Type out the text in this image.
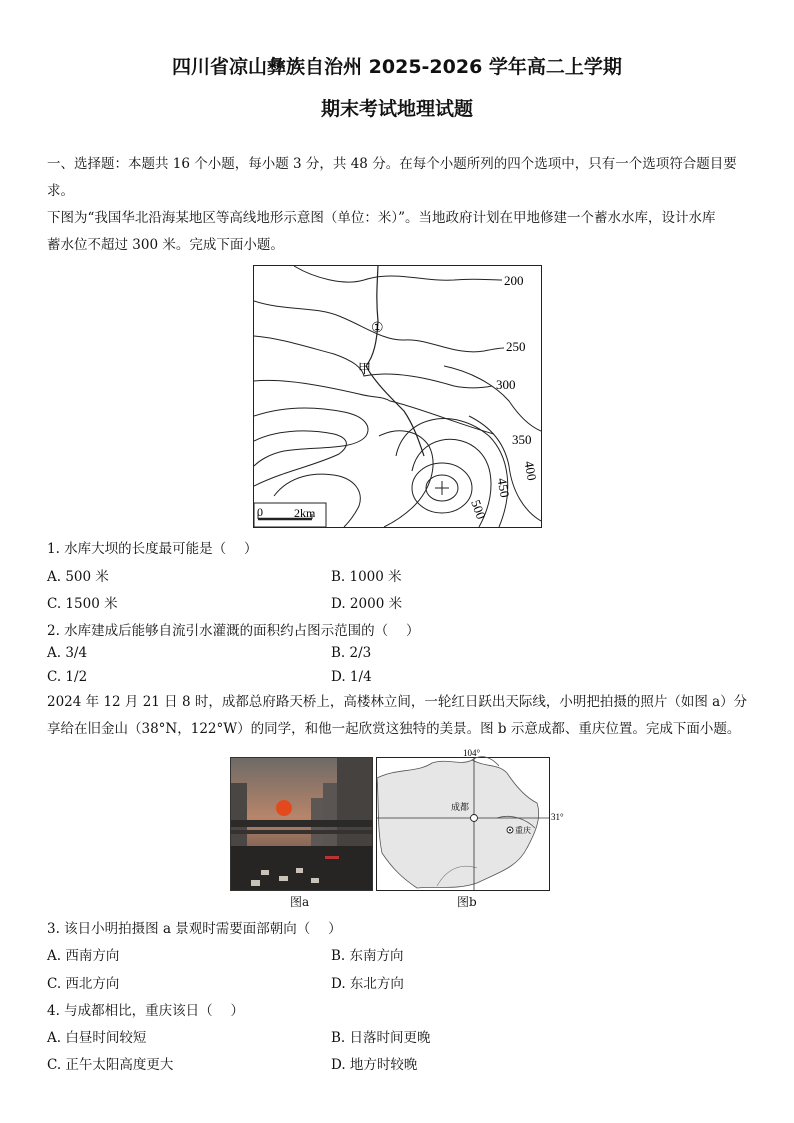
四川省凉山彝族自治州 2025-2026 学年高二上学期
期末考试地理试题
一、选择题：本题共 16 个小题，每小题 3 分，共 48 分。在每个小题所列的四个选项中，只有一个选项符合题目要
求。
下图为“我国华北沿海某地区等高线地形示意图（单位：米）”。当地政府计划在甲地修建一个蓄水水库，设计水库
蓄水位不超过 300 米。完成下面小题。
200
250
300
350
400
450
500
①
甲
0	2km
1. 水库大坝的长度最可能是（　 ）
A. 500 米	B. 1000 米
C. 1500 米	D. 2000 米
2. 水库建成后能够自流引水灌溉的面积约占图示范围的（　 ）
A. 3/4	B. 2/3
C. 1/2	D. 1/4
2024 年 12 月 21 日 8 时，成都总府路天桥上，高楼林立间，一轮红日跃出天际线，小明把拍摄的照片（如图 a）分
享给在旧金山（38°N，122°W）的同学，和他一起欣赏这独特的美景。图 b 示意成都、重庆位置。完成下面小题。
图a
104°
31°
成都
重庆
图b
3. 该日小明拍摄图 a 景观时需要面部朝向（　 ）
A. 西南方向	B. 东南方向
C. 西北方向	D. 东北方向
4. 与成都相比，重庆该日（　 ）
A. 白昼时间较短	B. 日落时间更晚
C. 正午太阳高度更大	D. 地方时较晚
